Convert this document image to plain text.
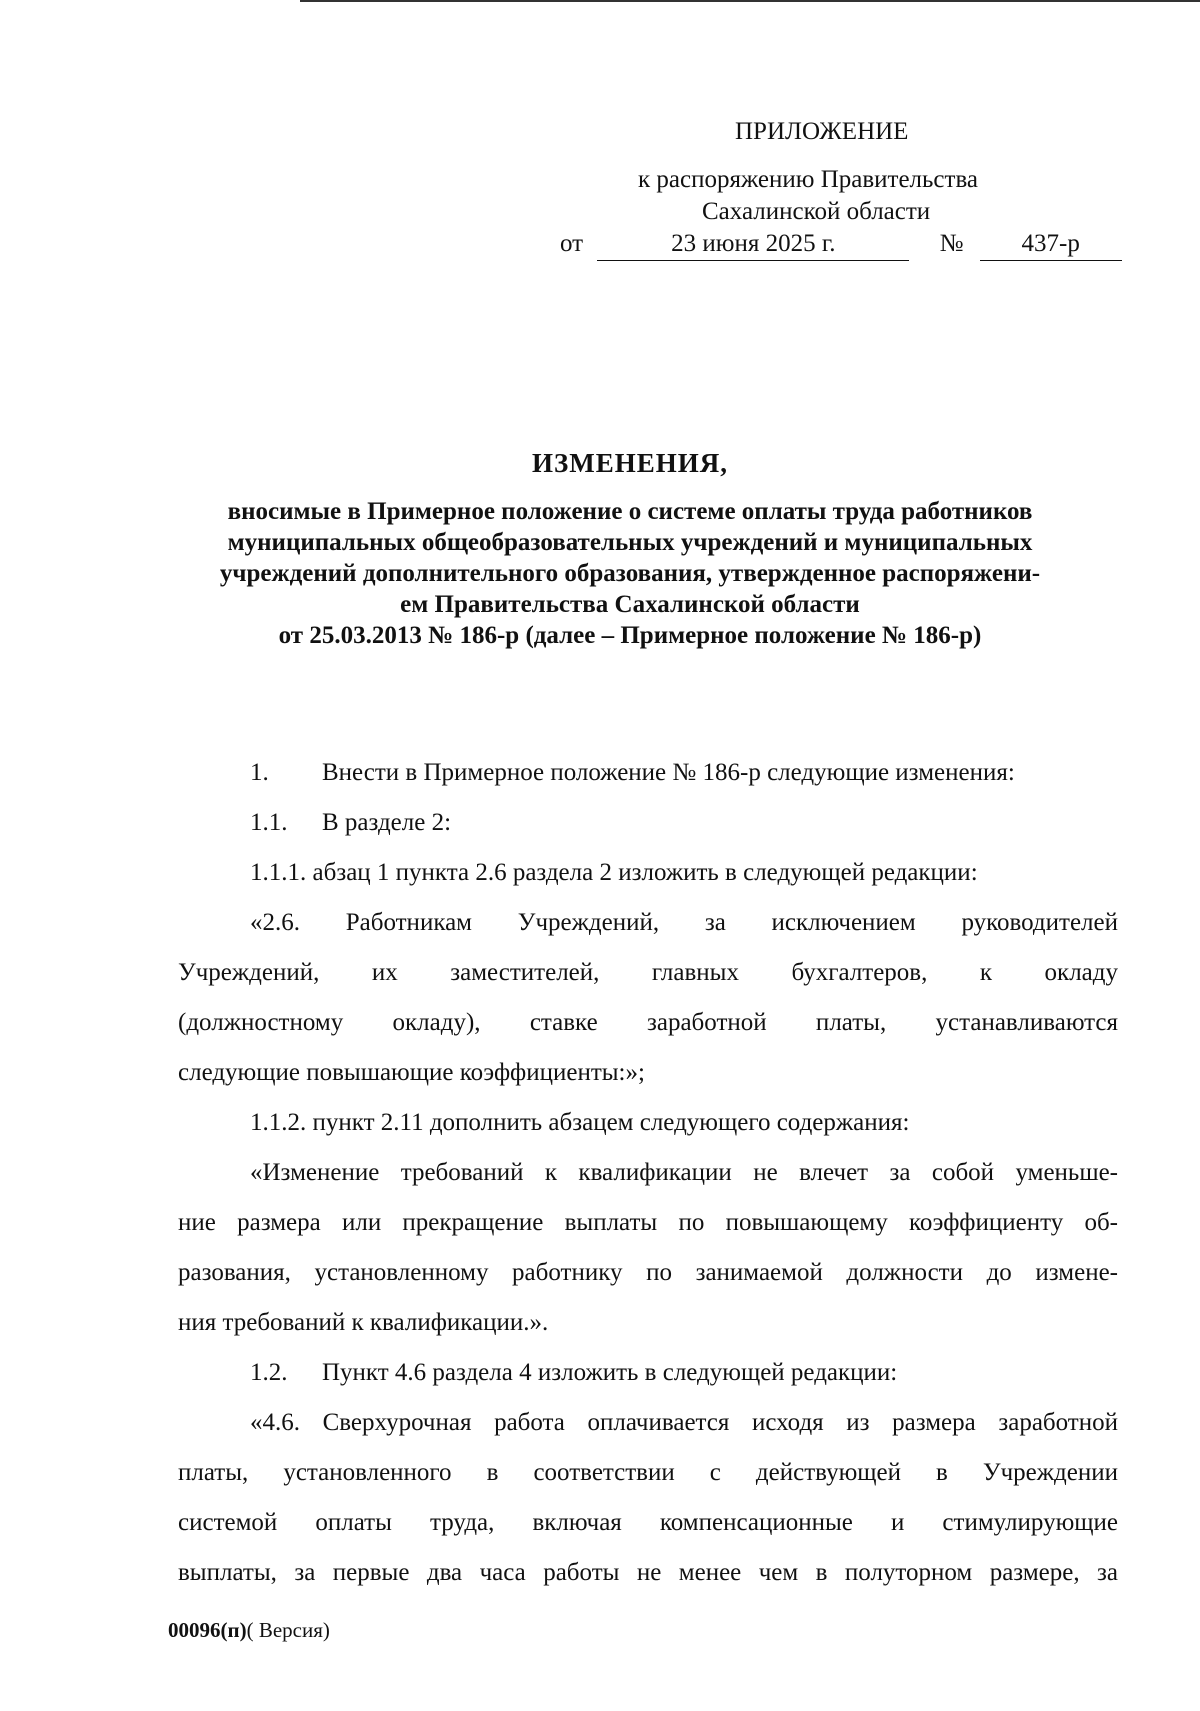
ПРИЛОЖЕНИЕ
к распоряжению Правительства
Сахалинской области
от	23 июня 2025 г.	№ 437-р
ИЗМЕНЕНИЯ,
вносимые в Примерное положение о системе оплаты труда работников
муниципальных общеобразовательных учреждений и муниципальных
учреждений дополнительного образования, утвержденное распоряжени-
ем Правительства Сахалинской области
от 25.03.2013 № 186-р (далее – Примерное положение № 186-р)
1. Внести в Примерное положение № 186-р следующие изменения:
1.1. В разделе 2:
1.1.1. абзац 1 пункта 2.6 раздела 2 изложить в следующей редакции:
«2.6. Работникам Учреждений, за исключением руководителей
Учреждений, их заместителей, главных бухгалтеров, к окладу
(должностному окладу), ставке заработной платы, устанавливаются
следующие повышающие коэффициенты:»;
1.1.2. пункт 2.11 дополнить абзацем следующего содержания:
«Изменение требований к квалификации не влечет за собой уменьше-
ние размера или прекращение выплаты по повышающему коэффициенту об-
разования, установленному работнику по занимаемой должности до измене-
ния требований к квалификации.».
1.2. Пункт 4.6 раздела 4 изложить в следующей редакции:
«4.6. Сверхурочная работа оплачивается исходя из размера заработной
платы, установленного в соответствии с действующей в Учреждении
системой оплаты труда, включая компенсационные и стимулирующие
выплаты, за первые два часа работы не менее чем в полуторном размере, за
00096(п)( Версия)
